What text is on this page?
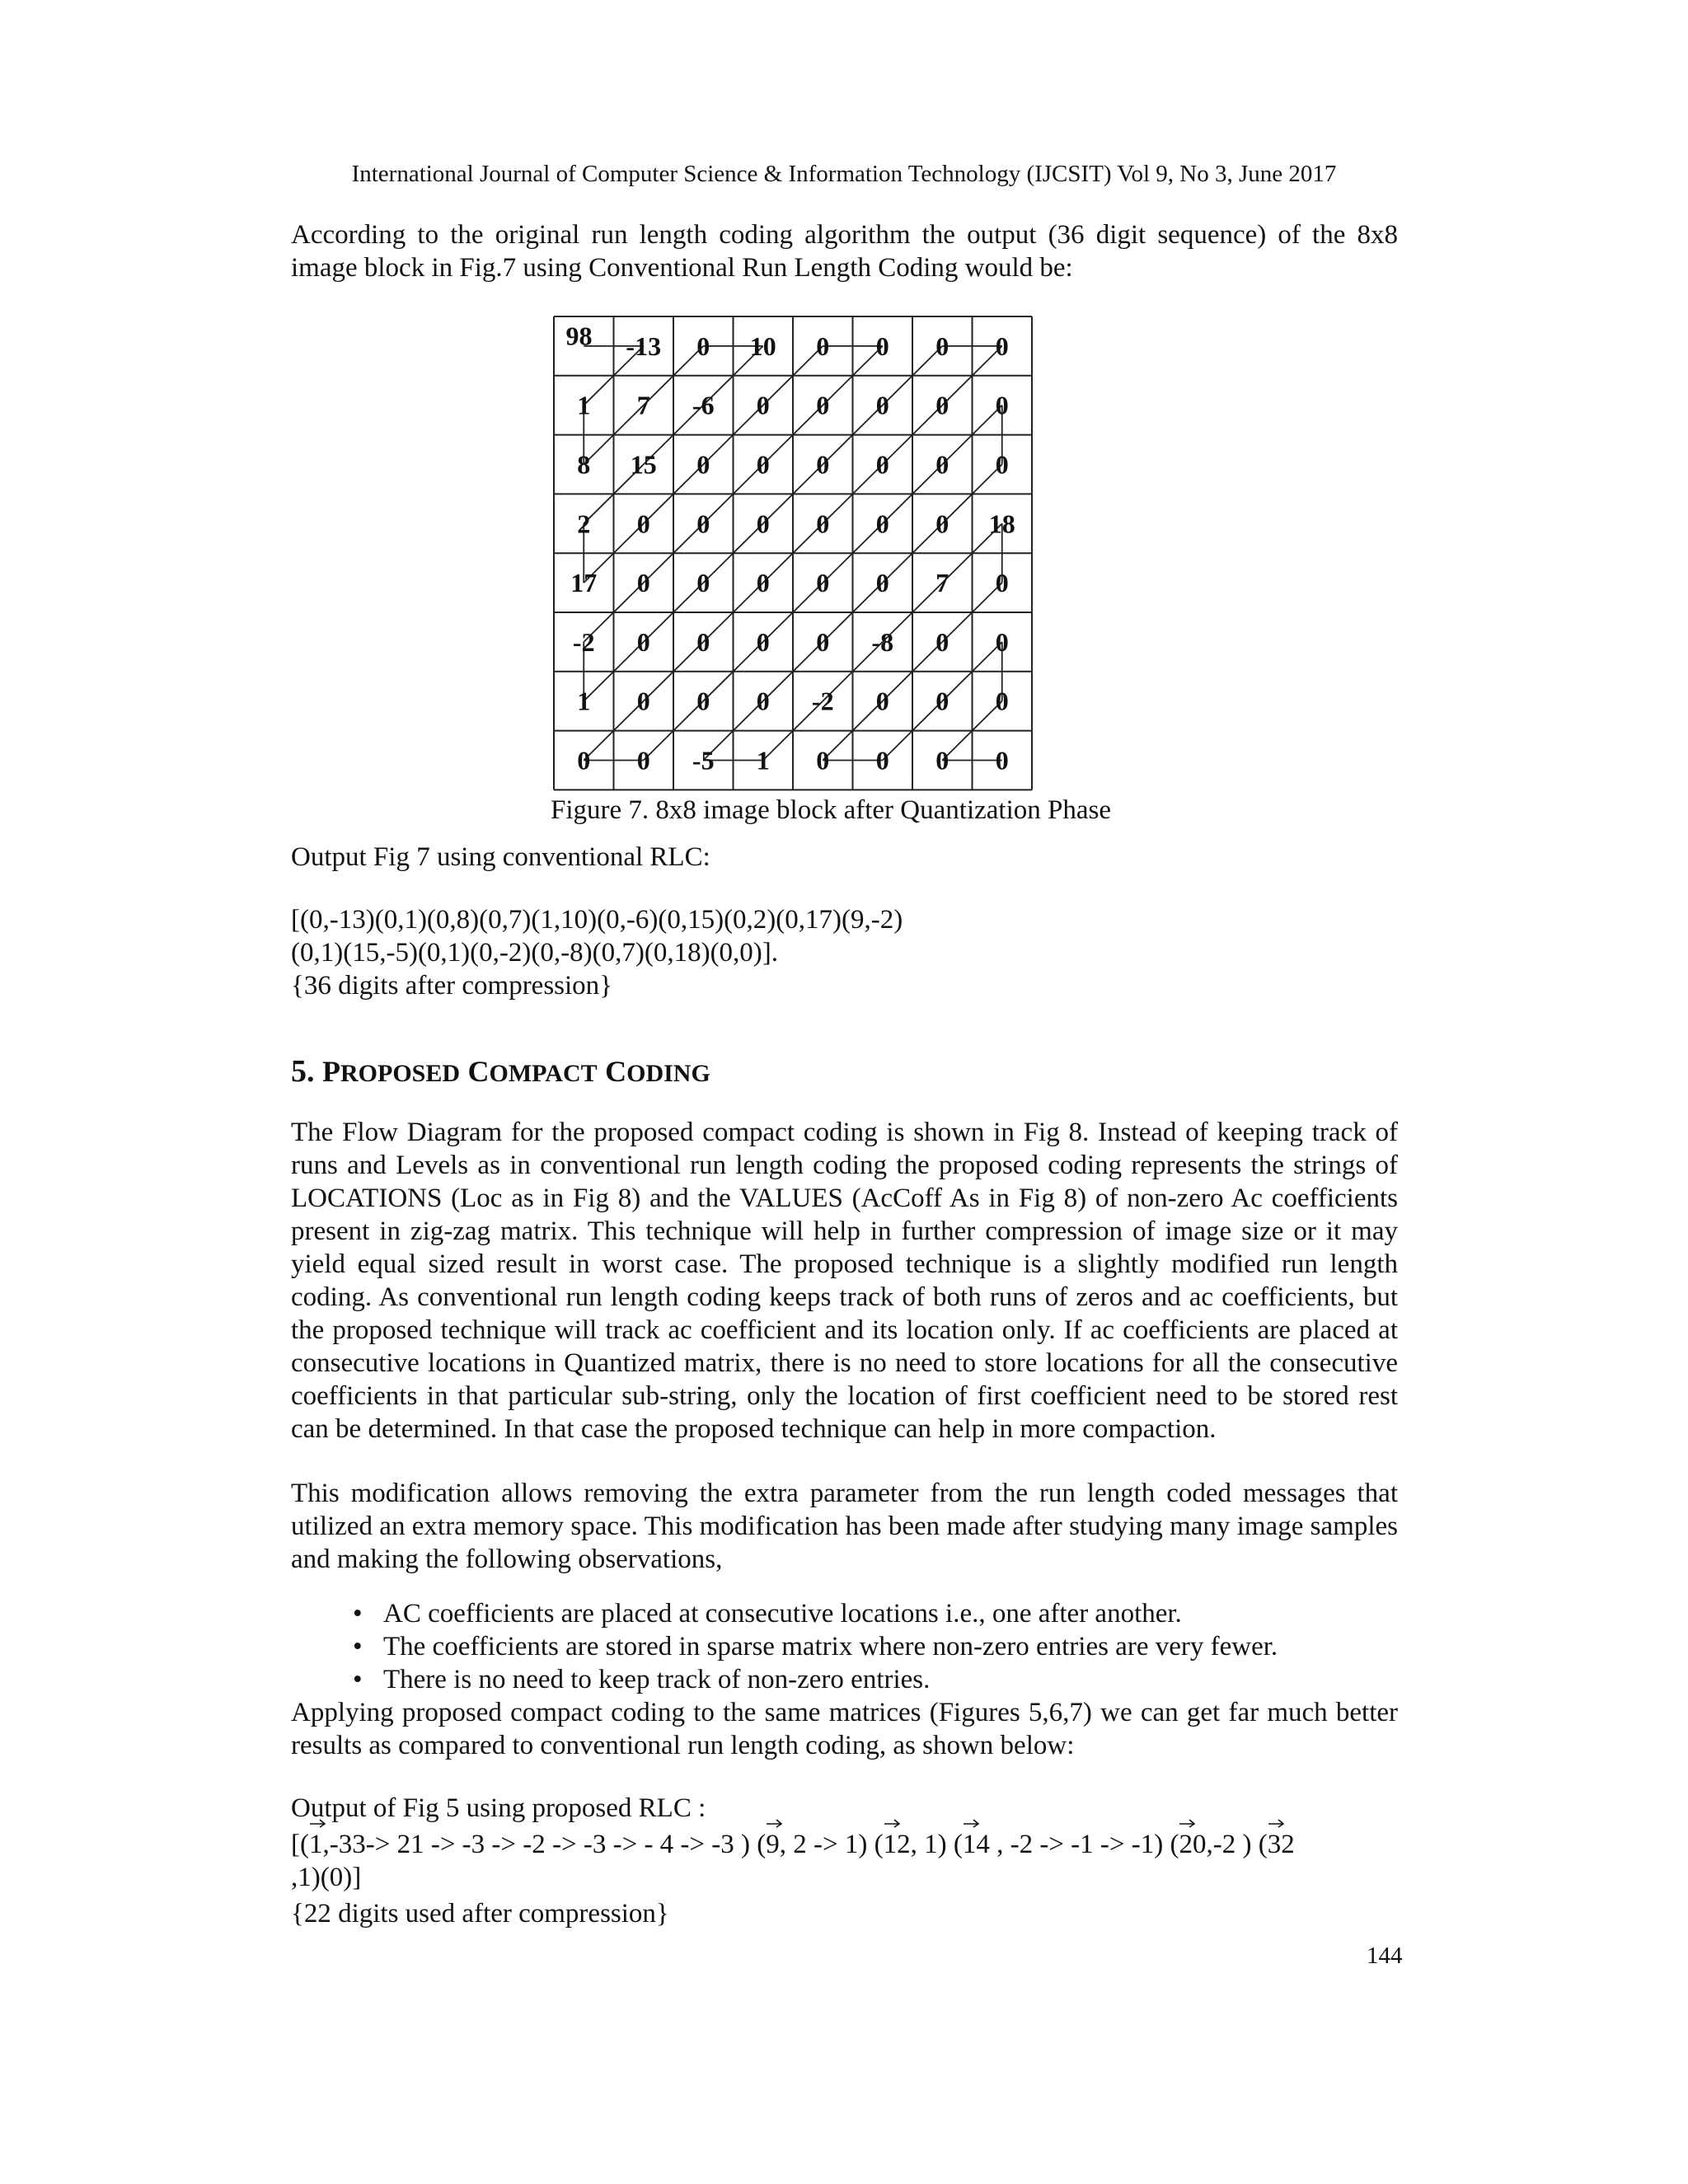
International Journal of Computer Science & Information Technology (IJCSIT) Vol 9, No 3, June 2017
According to the original run length coding algorithm the output (36 digit sequence) of the 8x8 image block in Fig.7 using Conventional Run Length Coding would be:
98 -13 0 10 0 0 0 0
1 7 -6 0 0 0 0 0
8 15 0 0 0 0 0 0
2 0 0 0 0 0 0 18
17 0 0 0 0 0 7 0
-2 0 0 0 0 -8 0 0
1 0 0 0 -2 0 0 0
0 0 -5 1 0 0 0 0
Figure 7. 8x8 image block after Quantization Phase
Output Fig 7 using conventional RLC:

[(0,-13)(0,1)(0,8)(0,7)(1,10)(0,-6)(0,15)(0,2)(0,17)(9,-2)

(0,1)(15,-5)(0,1)(0,-2)(0,-8)(0,7)(0,18)(0,0)].

{36 digits after compression}

5. PROPOSED COMPACT CODING
The Flow Diagram for the proposed compact coding is shown in Fig 8. Instead of keeping track of runs and Levels as in conventional run length coding the proposed coding represents the strings of LOCATIONS (Loc as in Fig 8) and the VALUES (AcCoff As in Fig 8) of non-zero Ac coefficients present in zig-zag matrix. This technique will help in further compression of image size or it may yield equal sized result in worst case. The proposed technique is a slightly modified run length coding. As conventional run length coding keeps track of both runs of zeros and ac coefficients, but the proposed technique will track ac coefficient and its location only. If ac coefficients are placed at consecutive locations in Quantized matrix, there is no need to store locations for all the consecutive coefficients in that particular sub-string, only the location of first coefficient need to be stored rest can be determined. In that case the proposed technique can help in more compaction.
This modification allows removing the extra parameter from the run length coded messages that utilized an extra memory space. This modification has been made after studying many image samples and making the following observations,
• AC coefficients are placed at consecutive locations i.e., one after another.
• The coefficients are stored in sparse matrix where non-zero entries are very fewer.
• There is no need to keep track of non-zero entries.
Applying proposed compact coding to the same matrices (Figures 5,6,7) we can get far much better results as compared to conventional run length coding, as shown below:
Output of Fig 5 using proposed RLC :
[(1
,-33-> 21 -> -3 -> -2 -> -3 -> - 4 -> -3 ) (9
, 2 -> 1) (12
, 1) (14
, -2 -> -1 -> -1) (20
,-2 ) (32

,1)(0)]
{22 digits used after compression}
144
